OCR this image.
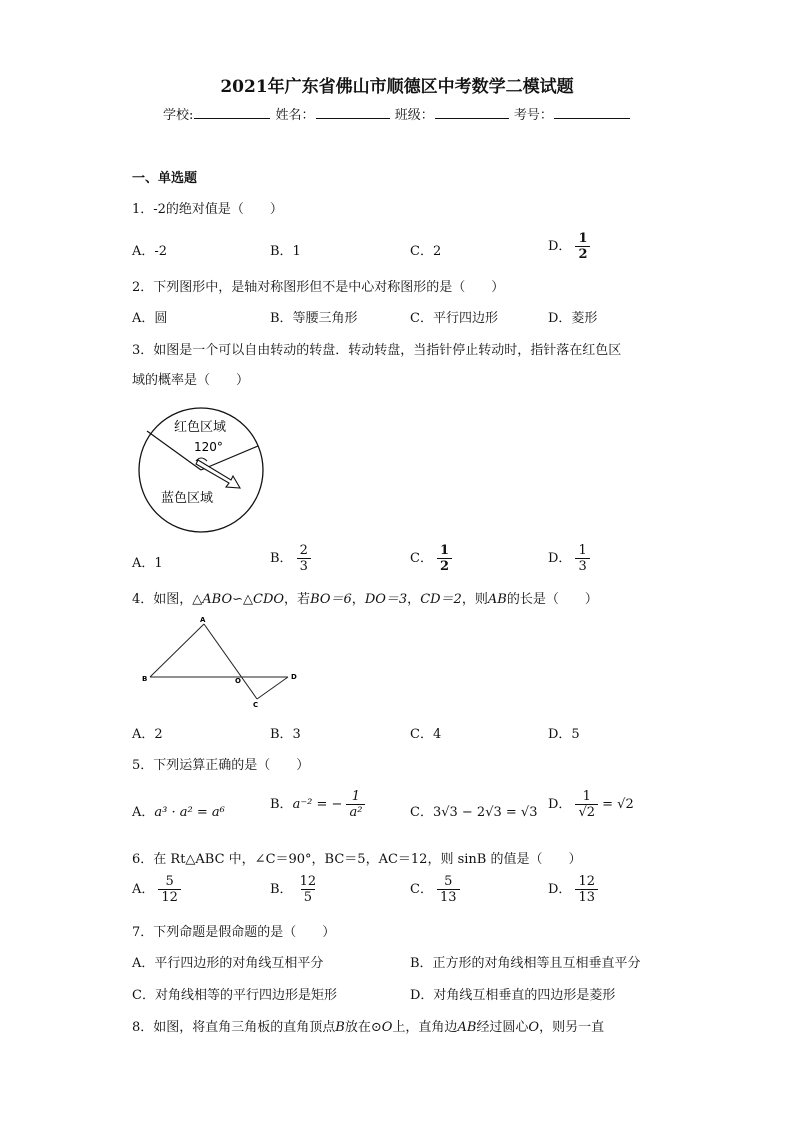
2021年广东省佛山市顺德区中考数学二模试题
学校:	姓名：	班级：	考号：
一、单选题
1．-2的绝对值是（　　）
A．-2	B．1	C．2	D． $\frac{1}{2}$
2．下列图形中，是轴对称图形但不是中心对称图形的是（　　）
A．圆	B．等腰三角形	C．平行四边形	D．菱形
3．如图是一个可以自由转动的转盘．转动转盘，当指针停止转动时，指针落在红色区
域的概率是（　　）
红色区域
120°
蓝色区域
A．1	B． $\frac{2}{3}$	C． $\frac{1}{2}$	D． $\frac{1}{3}$
4．如图，△ABO∽△CDO，若BO＝6，DO＝3，CD＝2，则AB的长是（　　）
A
B	O	D
C
A．2	B．3	C．4	D．5
5．下列运算正确的是（　　）
A．a³ · a² = a⁶
B．a⁻² = − $\frac{1}{\text{a²}}$	C．3√3 − 2√3 = √3
D． $\frac{1}{√2} = √2$
6．在 Rt△ABC 中，∠C＝90°，BC＝5，AC＝12，则 sinB 的值是（　　）
A． $\frac{5}{12}$	B． $\frac{12}{5}$	C． $\frac{5}{13}$	D． $\frac{12}{13}$
7．下列命题是假命题的是（　　）
A．平行四边形的对角线互相平分	B．正方形的对角线相等且互相垂直平分
C．对角线相等的平行四边形是矩形	D．对角线互相垂直的四边形是菱形
8．如图，将直角三角板的直角顶点B放在⊙O上，直角边AB经过圆心O，则另一直
